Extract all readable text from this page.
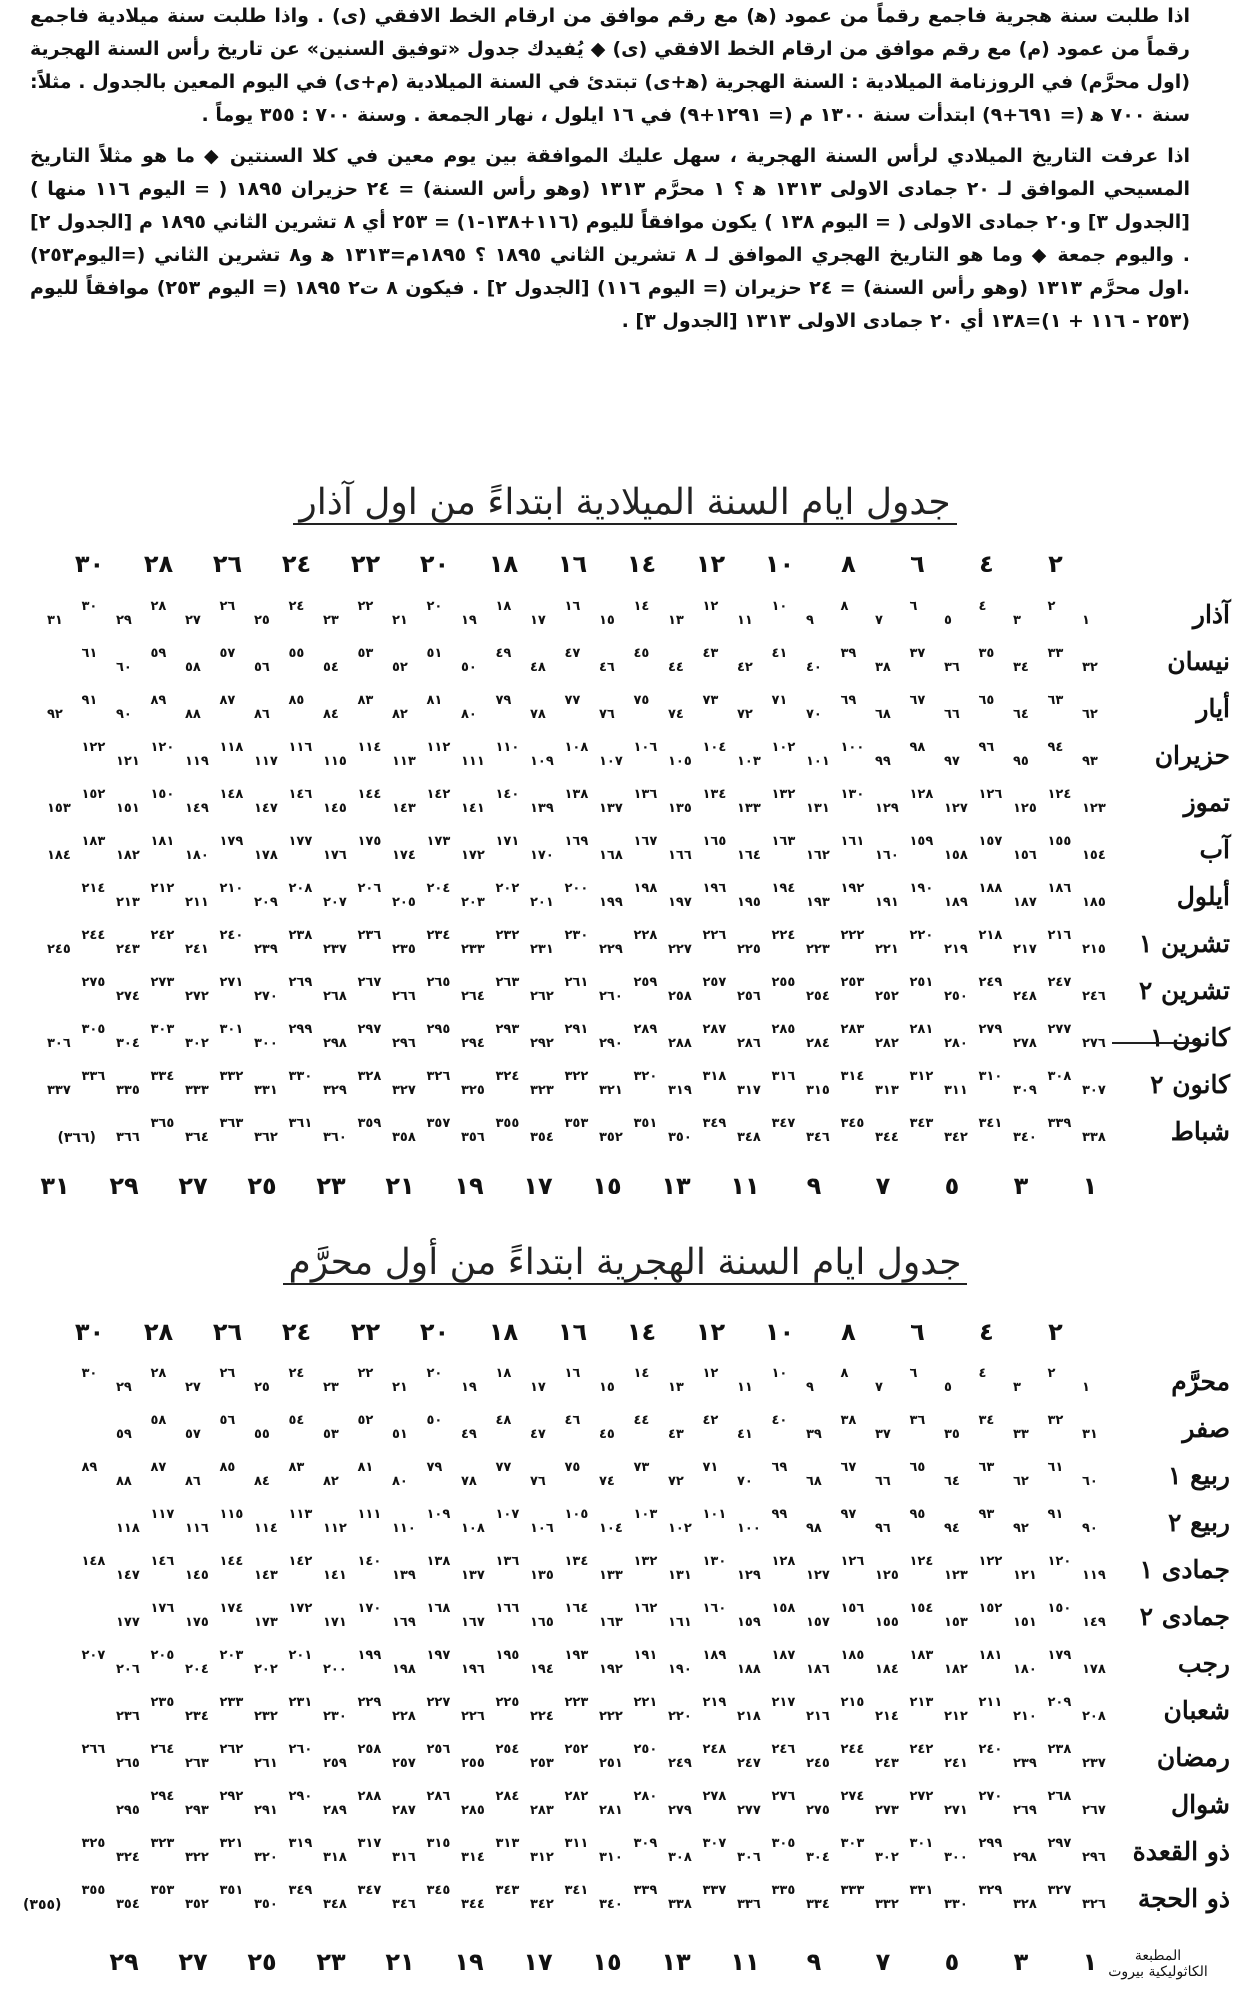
اذا طلبت سنة هجرية فاجمع رقماً من عمود (ﻫ) مع رقم موافق من ارقام الخط الافقي (ى) . واذا طلبت سنة ميلادية فاجمع رقماً من عمود (م) مع رقم موافق من ارقام الخط الافقي (ى) ◆ يُفيدك جدول «توفيق السنين» عن تاريخ رأس السنة الهجرية (اول محرَّم) في الروزنامة الميلادية : السنة الهجرية (ﻫ+ى) تبتدئ في السنة الميلادية (م+ى) في اليوم المعين بالجدول . مثلاً: سنة ٧٠٠ ﻫ (= ٦٩١+٩) ابتدأت سنة ١٣٠٠ م (= ١٢٩١+٩) في ١٦ ايلول ، نهار الجمعة . وسنة ٧٠٠ : ٣٥٥ يوماً .

اذا عرفت التاريخ الميلادي لرأس السنة الهجرية ، سهل عليك الموافقة بين يوم معين في كلا السنتين ◆ ما هو مثلاً التاريخ المسيحي الموافق لـ ٢٠ جمادى الاولى ١٣١٣ ﻫ ؟ ١ محرَّم ١٣١٣ (وهو رأس السنة) = ٢٤ حزيران ١٨٩٥ ( = اليوم ١١٦ منها ) [الجدول ٣] و٢٠ جمادى الاولى ( = اليوم ١٣٨ ) يكون موافقاً لليوم (١١٦+١٣٨-١) = ٢٥٣ أي ٨ تشرين الثاني ١٨٩٥ م [الجدول ٢] . واليوم جمعة ◆ وما هو التاريخ الهجري الموافق لـ ٨ تشرين الثاني ١٨٩٥ ؟ ١٨٩٥م=١٣١٣ ﻫ و٨ تشرين الثاني (=اليوم٢٥٣) .اول محرَّم ١٣١٣ (وهو رأس السنة) = ٢٤ حزيران (= اليوم ١١٦) [الجدول ٢] . فيكون ٨ ت٢ ١٨٩٥ (= اليوم ٢٥٣) موافقاً لليوم (٢٥٣ - ١١٦ + ١)=١٣٨ أي ٢٠ جمادى الاولى ١٣١٣ [الجدول ٣] .

جدول ايام السنة الميلادية ابتداءً من اول آذار
٢
٤
٦
٨
١٠
١٢
١٤
١٦
١٨
٢٠
٢٢
٢٤
٢٦
٢٨
٣٠
آذار
١
٢
٣
٤
٥
٦
٧
٨
٩
١٠
١١
١٢
١٣
١٤
١٥
١٦
١٧
١٨
١٩
٢٠
٢١
٢٢
٢٣
٢٤
٢٥
٢٦
٢٧
٢٨
٢٩
٣٠
٣١
نيسان
٣٢
٣٣
٣٤
٣٥
٣٦
٣٧
٣٨
٣٩
٤٠
٤١
٤٢
٤٣
٤٤
٤٥
٤٦
٤٧
٤٨
٤٩
٥٠
٥١
٥٢
٥٣
٥٤
٥٥
٥٦
٥٧
٥٨
٥٩
٦٠
٦١
أيار
٦٢
٦٣
٦٤
٦٥
٦٦
٦٧
٦٨
٦٩
٧٠
٧١
٧٢
٧٣
٧٤
٧٥
٧٦
٧٧
٧٨
٧٩
٨٠
٨١
٨٢
٨٣
٨٤
٨٥
٨٦
٨٧
٨٨
٨٩
٩٠
٩١
٩٢
حزيران
٩٣
٩٤
٩٥
٩٦
٩٧
٩٨
٩٩
١٠٠
١٠١
١٠٢
١٠٣
١٠٤
١٠٥
١٠٦
١٠٧
١٠٨
١٠٩
١١٠
١١١
١١٢
١١٣
١١٤
١١٥
١١٦
١١٧
١١٨
١١٩
١٢٠
١٢١
١٢٢
تموز
١٢٣
١٢٤
١٢٥
١٢٦
١٢٧
١٢٨
١٢٩
١٣٠
١٣١
١٣٢
١٣٣
١٣٤
١٣٥
١٣٦
١٣٧
١٣٨
١٣٩
١٤٠
١٤١
١٤٢
١٤٣
١٤٤
١٤٥
١٤٦
١٤٧
١٤٨
١٤٩
١٥٠
١٥١
١٥٢
١٥٣
آب
١٥٤
١٥٥
١٥٦
١٥٧
١٥٨
١٥٩
١٦٠
١٦١
١٦٢
١٦٣
١٦٤
١٦٥
١٦٦
١٦٧
١٦٨
١٦٩
١٧٠
١٧١
١٧٢
١٧٣
١٧٤
١٧٥
١٧٦
١٧٧
١٧٨
١٧٩
١٨٠
١٨١
١٨٢
١٨٣
١٨٤
أيلول
١٨٥
١٨٦
١٨٧
١٨٨
١٨٩
١٩٠
١٩١
١٩٢
١٩٣
١٩٤
١٩٥
١٩٦
١٩٧
١٩٨
١٩٩
٢٠٠
٢٠١
٢٠٢
٢٠٣
٢٠٤
٢٠٥
٢٠٦
٢٠٧
٢٠٨
٢٠٩
٢١٠
٢١١
٢١٢
٢١٣
٢١٤
تشرين ١
٢١٥
٢١٦
٢١٧
٢١٨
٢١٩
٢٢٠
٢٢١
٢٢٢
٢٢٣
٢٢٤
٢٢٥
٢٢٦
٢٢٧
٢٢٨
٢٢٩
٢٣٠
٢٣١
٢٣٢
٢٣٣
٢٣٤
٢٣٥
٢٣٦
٢٣٧
٢٣٨
٢٣٩
٢٤٠
٢٤١
٢٤٢
٢٤٣
٢٤٤
٢٤٥
تشرين ٢
٢٤٦
٢٤٧
٢٤٨
٢٤٩
٢٥٠
٢٥١
٢٥٢
٢٥٣
٢٥٤
٢٥٥
٢٥٦
٢٥٧
٢٥٨
٢٥٩
٢٦٠
٢٦١
٢٦٢
٢٦٣
٢٦٤
٢٦٥
٢٦٦
٢٦٧
٢٦٨
٢٦٩
٢٧٠
٢٧١
٢٧٢
٢٧٣
٢٧٤
٢٧٥
كانون ١
٢٧٦
٢٧٧
٢٧٨
٢٧٩
٢٨٠
٢٨١
٢٨٢
٢٨٣
٢٨٤
٢٨٥
٢٨٦
٢٨٧
٢٨٨
٢٨٩
٢٩٠
٢٩١
٢٩٢
٢٩٣
٢٩٤
٢٩٥
٢٩٦
٢٩٧
٢٩٨
٢٩٩
٣٠٠
٣٠١
٣٠٢
٣٠٣
٣٠٤
٣٠٥
٣٠٦
كانون ٢
٣٠٧
٣٠٨
٣٠٩
٣١٠
٣١١
٣١٢
٣١٣
٣١٤
٣١٥
٣١٦
٣١٧
٣١٨
٣١٩
٣٢٠
٣٢١
٣٢٢
٣٢٣
٣٢٤
٣٢٥
٣٢٦
٣٢٧
٣٢٨
٣٢٩
٣٣٠
٣٣١
٣٣٢
٣٣٣
٣٣٤
٣٣٥
٣٣٦
٣٣٧
شباط
٣٣٨
٣٣٩
٣٤٠
٣٤١
٣٤٢
٣٤٣
٣٤٤
٣٤٥
٣٤٦
٣٤٧
٣٤٨
٣٤٩
٣٥٠
٣٥١
٣٥٢
٣٥٣
٣٥٤
٣٥٥
٣٥٦
٣٥٧
٣٥٨
٣٥٩
٣٦٠
٣٦١
٣٦٢
٣٦٣
٣٦٤
٣٦٥
٣٦٦
(٣٦٦)
١
٣
٥
٧
٩
١١
١٣
١٥
١٧
١٩
٢١
٢٣
٢٥
٢٧
٢٩
٣١
جدول ايام السنة الهجرية ابتداءً من أول محرَّم
٢
٤
٦
٨
١٠
١٢
١٤
١٦
١٨
٢٠
٢٢
٢٤
٢٦
٢٨
٣٠
محرَّم
١
٢
٣
٤
٥
٦
٧
٨
٩
١٠
١١
١٢
١٣
١٤
١٥
١٦
١٧
١٨
١٩
٢٠
٢١
٢٢
٢٣
٢٤
٢٥
٢٦
٢٧
٢٨
٢٩
٣٠
صفر
٣١
٣٢
٣٣
٣٤
٣٥
٣٦
٣٧
٣٨
٣٩
٤٠
٤١
٤٢
٤٣
٤٤
٤٥
٤٦
٤٧
٤٨
٤٩
٥٠
٥١
٥٢
٥٣
٥٤
٥٥
٥٦
٥٧
٥٨
٥٩
ربيع ١
٦٠
٦١
٦٢
٦٣
٦٤
٦٥
٦٦
٦٧
٦٨
٦٩
٧٠
٧١
٧٢
٧٣
٧٤
٧٥
٧٦
٧٧
٧٨
٧٩
٨٠
٨١
٨٢
٨٣
٨٤
٨٥
٨٦
٨٧
٨٨
٨٩
ربيع ٢
٩٠
٩١
٩٢
٩٣
٩٤
٩٥
٩٦
٩٧
٩٨
٩٩
١٠٠
١٠١
١٠٢
١٠٣
١٠٤
١٠٥
١٠٦
١٠٧
١٠٨
١٠٩
١١٠
١١١
١١٢
١١٣
١١٤
١١٥
١١٦
١١٧
١١٨
جمادى ١
١١٩
١٢٠
١٢١
١٢٢
١٢٣
١٢٤
١٢٥
١٢٦
١٢٧
١٢٨
١٢٩
١٣٠
١٣١
١٣٢
١٣٣
١٣٤
١٣٥
١٣٦
١٣٧
١٣٨
١٣٩
١٤٠
١٤١
١٤٢
١٤٣
١٤٤
١٤٥
١٤٦
١٤٧
١٤٨
جمادى ٢
١٤٩
١٥٠
١٥١
١٥٢
١٥٣
١٥٤
١٥٥
١٥٦
١٥٧
١٥٨
١٥٩
١٦٠
١٦١
١٦٢
١٦٣
١٦٤
١٦٥
١٦٦
١٦٧
١٦٨
١٦٩
١٧٠
١٧١
١٧٢
١٧٣
١٧٤
١٧٥
١٧٦
١٧٧
رجب
١٧٨
١٧٩
١٨٠
١٨١
١٨٢
١٨٣
١٨٤
١٨٥
١٨٦
١٨٧
١٨٨
١٨٩
١٩٠
١٩١
١٩٢
١٩٣
١٩٤
١٩٥
١٩٦
١٩٧
١٩٨
١٩٩
٢٠٠
٢٠١
٢٠٢
٢٠٣
٢٠٤
٢٠٥
٢٠٦
٢٠٧
شعبان
٢٠٨
٢٠٩
٢١٠
٢١١
٢١٢
٢١٣
٢١٤
٢١٥
٢١٦
٢١٧
٢١٨
٢١٩
٢٢٠
٢٢١
٢٢٢
٢٢٣
٢٢٤
٢٢٥
٢٢٦
٢٢٧
٢٢٨
٢٢٩
٢٣٠
٢٣١
٢٣٢
٢٣٣
٢٣٤
٢٣٥
٢٣٦
رمضان
٢٣٧
٢٣٨
٢٣٩
٢٤٠
٢٤١
٢٤٢
٢٤٣
٢٤٤
٢٤٥
٢٤٦
٢٤٧
٢٤٨
٢٤٩
٢٥٠
٢٥١
٢٥٢
٢٥٣
٢٥٤
٢٥٥
٢٥٦
٢٥٧
٢٥٨
٢٥٩
٢٦٠
٢٦١
٢٦٢
٢٦٣
٢٦٤
٢٦٥
٢٦٦
شوال
٢٦٧
٢٦٨
٢٦٩
٢٧٠
٢٧١
٢٧٢
٢٧٣
٢٧٤
٢٧٥
٢٧٦
٢٧٧
٢٧٨
٢٧٩
٢٨٠
٢٨١
٢٨٢
٢٨٣
٢٨٤
٢٨٥
٢٨٦
٢٨٧
٢٨٨
٢٨٩
٢٩٠
٢٩١
٢٩٢
٢٩٣
٢٩٤
٢٩٥
ذو القعدة
٢٩٦
٢٩٧
٢٩٨
٢٩٩
٣٠٠
٣٠١
٣٠٢
٣٠٣
٣٠٤
٣٠٥
٣٠٦
٣٠٧
٣٠٨
٣٠٩
٣١٠
٣١١
٣١٢
٣١٣
٣١٤
٣١٥
٣١٦
٣١٧
٣١٨
٣١٩
٣٢٠
٣٢١
٣٢٢
٣٢٣
٣٢٤
٣٢٥
ذو الحجة
٣٢٦
٣٢٧
٣٢٨
٣٢٩
٣٣٠
٣٣١
٣٣٢
٣٣٣
٣٣٤
٣٣٥
٣٣٦
٣٣٧
٣٣٨
٣٣٩
٣٤٠
٣٤١
٣٤٢
٣٤٣
٣٤٤
٣٤٥
٣٤٦
٣٤٧
٣٤٨
٣٤٩
٣٥٠
٣٥١
٣٥٢
٣٥٣
٣٥٤
٣٥٥
(٣٥٥)
١
٣
٥
٧
٩
١١
١٣
١٥
١٧
١٩
٢١
٢٣
٢٥
٢٧
٢٩	المطبعة الكاثوليكية بيروت
